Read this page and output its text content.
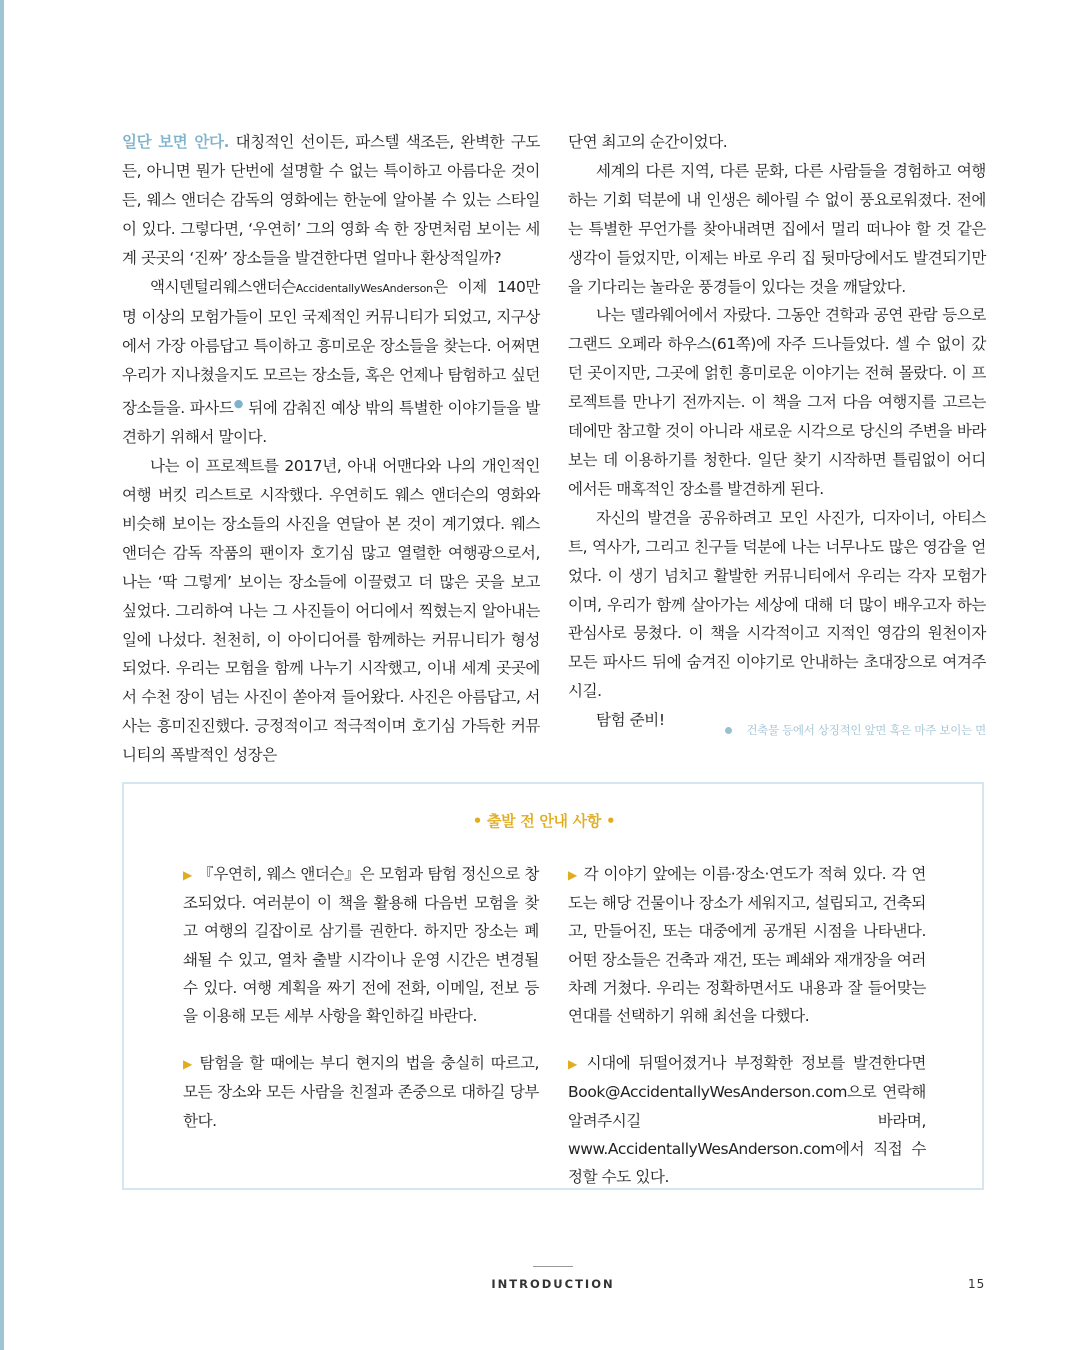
일단 보면 안다. 대칭적인 선이든, 파스텔 색조든, 완벽한 구도든, 아니면 뭔가 단번에 설명할 수 없는 특이하고 아름다운 것이든, 웨스 앤더슨 감독의 영화에는 한눈에 알아볼 수 있는 스타일이 있다. 그렇다면, ‘우연히’ 그의 영화 속 한 장면처럼 보이는 세계 곳곳의 ‘진짜’ 장소들을 발견한다면 얼마나 환상적일까?

액시덴털리웨스앤더슨AccidentallyWesAnderson은 이제 140만 명 이상의 모험가들이 모인 국제적인 커뮤니티가 되었고, 지구상에서 가장 아름답고 특이하고 흥미로운 장소들을 찾는다. 어쩌면 우리가 지나쳤을지도 모르는 장소들, 혹은 언제나 탐험하고 싶던 장소들을. 파사드● 뒤에 감춰진 예상 밖의 특별한 이야기들을 발견하기 위해서 말이다.

나는 이 프로젝트를 2017년, 아내 어맨다와 나의 개인적인 여행 버킷 리스트로 시작했다. 우연히도 웨스 앤더슨의 영화와 비슷해 보이는 장소들의 사진을 연달아 본 것이 계기였다. 웨스 앤더슨 감독 작품의 팬이자 호기심 많고 열렬한 여행광으로서, 나는 ‘딱 그렇게’ 보이는 장소들에 이끌렸고 더 많은 곳을 보고 싶었다. 그리하여 나는 그 사진들이 어디에서 찍혔는지 알아내는 일에 나섰다. 천천히, 이 아이디어를 함께하는 커뮤니티가 형성되었다. 우리는 모험을 함께 나누기 시작했고, 이내 세계 곳곳에서 수천 장이 넘는 사진이 쏟아져 들어왔다. 사진은 아름답고, 서사는 흥미진진했다. 긍정적이고 적극적이며 호기심 가득한 커뮤니티의 폭발적인 성장은

단연 최고의 순간이었다.

세계의 다른 지역, 다른 문화, 다른 사람들을 경험하고 여행하는 기회 덕분에 내 인생은 헤아릴 수 없이 풍요로워졌다. 전에는 특별한 무언가를 찾아내려면 집에서 멀리 떠나야 할 것 같은 생각이 들었지만, 이제는 바로 우리 집 뒷마당에서도 발견되기만을 기다리는 놀라운 풍경들이 있다는 것을 깨달았다.

나는 델라웨어에서 자랐다. 그동안 견학과 공연 관람 등으로 그랜드 오페라 하우스(61쪽)에 자주 드나들었다. 셀 수 없이 갔던 곳이지만, 그곳에 얽힌 흥미로운 이야기는 전혀 몰랐다. 이 프로젝트를 만나기 전까지는. 이 책을 그저 다음 여행지를 고르는 데에만 참고할 것이 아니라 새로운 시각으로 당신의 주변을 바라보는 데 이용하기를 청한다. 일단 찾기 시작하면 틀림없이 어디에서든 매혹적인 장소를 발견하게 된다.

자신의 발견을 공유하려고 모인 사진가, 디자이너, 아티스트, 역사가, 그리고 친구들 덕분에 나는 너무나도 많은 영감을 얻었다. 이 생기 넘치고 활발한 커뮤니티에서 우리는 각자 모험가이며, 우리가 함께 살아가는 세상에 대해 더 많이 배우고자 하는 관심사로 뭉쳤다. 이 책을 시각적이고 지적인 영감의 원천이자 모든 파사드 뒤에 숨겨진 이야기로 안내하는 초대장으로 여겨주시길.

탐험 준비!

건축물 등에서 상징적인 앞면 혹은 마주 보이는 면
• 출발 전 안내 사항 •

▶ 『우연히, 웨스 앤더슨』은 모험과 탐험 정신으로 창조되었다. 여러분이 이 책을 활용해 다음번 모험을 찾고 여행의 길잡이로 삼기를 권한다. 하지만 장소는 폐쇄될 수 있고, 열차 출발 시각이나 운영 시간은 변경될 수 있다. 여행 계획을 짜기 전에 전화, 이메일, 전보 등을 이용해 모든 세부 사항을 확인하길 바란다.

▶ 탐험을 할 때에는 부디 현지의 법을 충실히 따르고, 모든 장소와 모든 사람을 친절과 존중으로 대하길 당부한다.

▶ 각 이야기 앞에는 이름·장소·연도가 적혀 있다. 각 연도는 해당 건물이나 장소가 세워지고, 설립되고, 건축되고, 만들어진, 또는 대중에게 공개된 시점을 나타낸다. 어떤 장소들은 건축과 재건, 또는 폐쇄와 재개장을 여러 차례 거쳤다. 우리는 정확하면서도 내용과 잘 들어맞는 연대를 선택하기 위해 최선을 다했다.

▶ 시대에 뒤떨어졌거나 부정확한 정보를 발견한다면 Book@AccidentallyWesAnderson.com으로 연락해 알려주시길 바라며, www.AccidentallyWesAnderson.com에서 직접 수정할 수도 있다.

INTRODUCTION	15
